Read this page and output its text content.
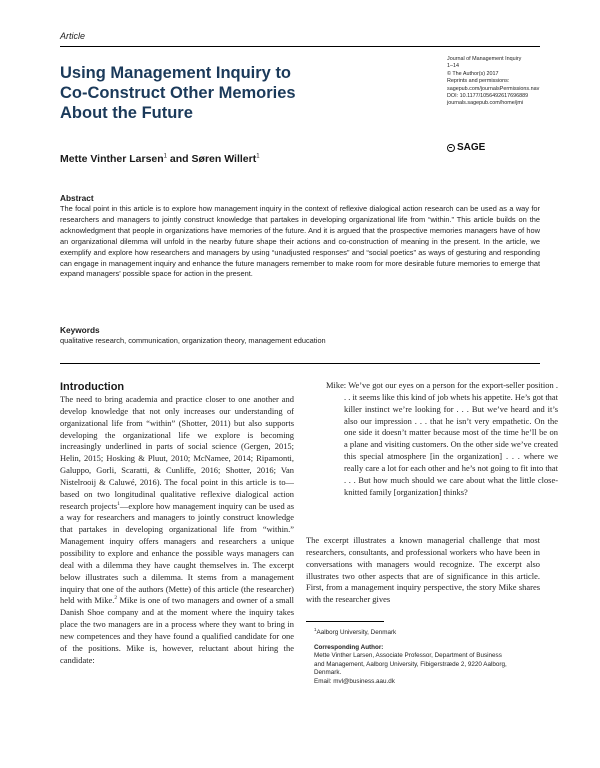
Article
Using Management Inquiry to
Co-Construct Other Memories
About the Future
Journal of Management Inquiry
1–14
© The Author(s) 2017
Reprints and permissions:
sagepub.com/journalsPermissions.nav
DOI: 10.1177/1056492617696889
journals.sagepub.com/home/jmi
SAGE
Mette Vinther Larsen$^1$ and Søren Willert$^1$
Abstract
The focal point in this article is to explore how management inquiry in the context of reflexive dialogical action research can be used as a way for researchers and managers to jointly construct knowledge that partakes in developing organizational life from “within.” This article builds on the acknowledgment that people in organizations have memories of the future. And it is argued that the prospective memories managers have of how an organizational dilemma will unfold in the nearby future shape their actions and co-construction of meaning in the present. In the article, we exemplify and explore how researchers and managers by using “unadjusted responses” and “social poetics” as ways of gesturing and responding can engage in management inquiry and enhance the future managers remember to make room for more desirable future memories to emerge that expand managers’ possible space for action in the present.
Keywords
qualitative research, communication, organization theory, management education
Introduction
The need to bring academia and practice closer to one another and develop knowledge that not only increases our understanding of organizational life from “within” (Shotter, 2011) but also supports developing the organizational life we explore is becoming increasingly underlined in parts of social science (Gergen, 2015; Helin, 2015; Hosking & Pluut, 2010; McNamee, 2014; Ripamonti, Galuppo, Gorli, Scaratti, & Cunliffe, 2016; Shotter, 2016; Van Nistelrooij & Caluwé, 2016). The focal point in this article is to—based on two longitudinal qualitative reflexive dialogical action research projects$^1$—explore how management inquiry can be used as a way for researchers and managers to jointly construct knowledge that partakes in developing organizational life from “within.” Management inquiry offers managers and researchers a unique possibility to explore and enhance the possible ways managers can deal with a dilemma they have caught themselves in. The excerpt below illustrates such a dilemma. It stems from a management inquiry that one of the authors (Mette) of this article (the researcher) held with Mike.$^2$ Mike is one of two managers and owner of a small Danish Shoe company and at the moment where the inquiry takes place the two managers are in a process where they want to bring in new competences and they have found a qualified candidate for one of the positions. Mike is, however, reluctant about hiring the candidate:
Mike: We’ve got our eyes on a person for the export-seller position . . . it seems like this kind of job whets his appetite. He’s got that killer instinct we’re looking for . . . But we’ve heard and it’s also our impression . . . that he isn’t very empathetic. On the one side it doesn’t matter because most of the time he’ll be on a plane and visiting customers. On the other side we’ve created this special atmosphere [in the organization] . . . where we really care a lot for each other and he’s not going to fit into that . . . But how much should we care about what the little close-knitted family [organization] thinks?
The excerpt illustrates a known managerial challenge that most researchers, consultants, and professional workers who have been in conversations with managers would recognize. The excerpt also illustrates two other aspects that are of significance in this article. First, from a management inquiry perspective, the story Mike shares with the researcher gives
$^1$Aalborg University, Denmark
Corresponding Author:
Mette Vinther Larsen, Associate Professor, Department of Business
and Management, Aalborg University, Fibigerstræde 2, 9220 Aalborg,
Denmark.
Email: mvl@business.aau.dk
